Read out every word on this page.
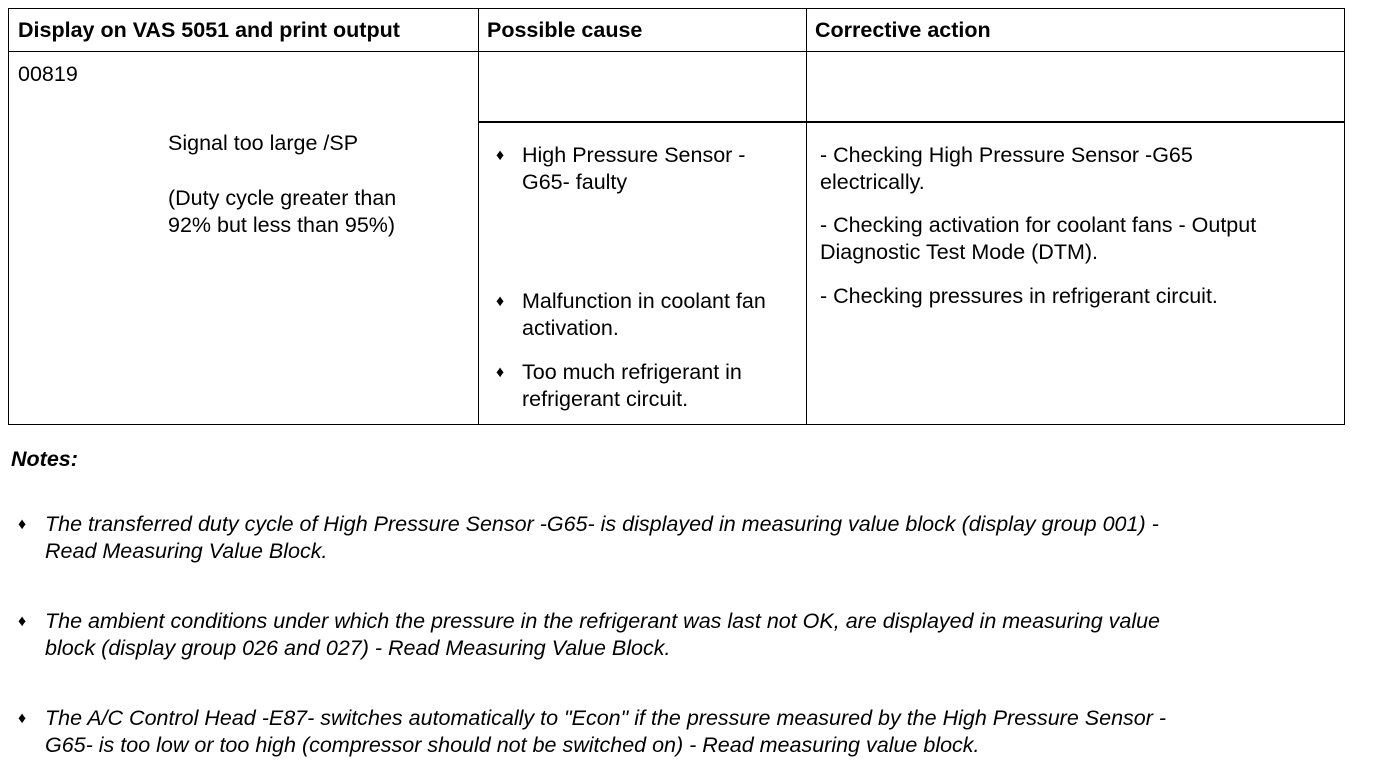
Display on VAS 5051 and print output	Possible cause	Corrective action
00819
Signal too large /SP
(Duty cycle greater than
92% but less than 95%)
♦ High Pressure Sensor -
G65- faulty
♦ Malfunction in coolant fan
activation.
♦ Too much refrigerant in
refrigerant circuit.
- Checking High Pressure Sensor -G65
electrically.
- Checking activation for coolant fans - Output
Diagnostic Test Mode (DTM).
- Checking pressures in refrigerant circuit.
Notes:
♦ The transferred duty cycle of High Pressure Sensor -G65- is displayed in measuring value block (display group 001) -
Read Measuring Value Block.
♦ The ambient conditions under which the pressure in the refrigerant was last not OK, are displayed in measuring value
block (display group 026 and 027) - Read Measuring Value Block.
♦ The A/C Control Head -E87- switches automatically to "Econ" if the pressure measured by the High Pressure Sensor -
G65- is too low or too high (compressor should not be switched on) - Read measuring value block.
